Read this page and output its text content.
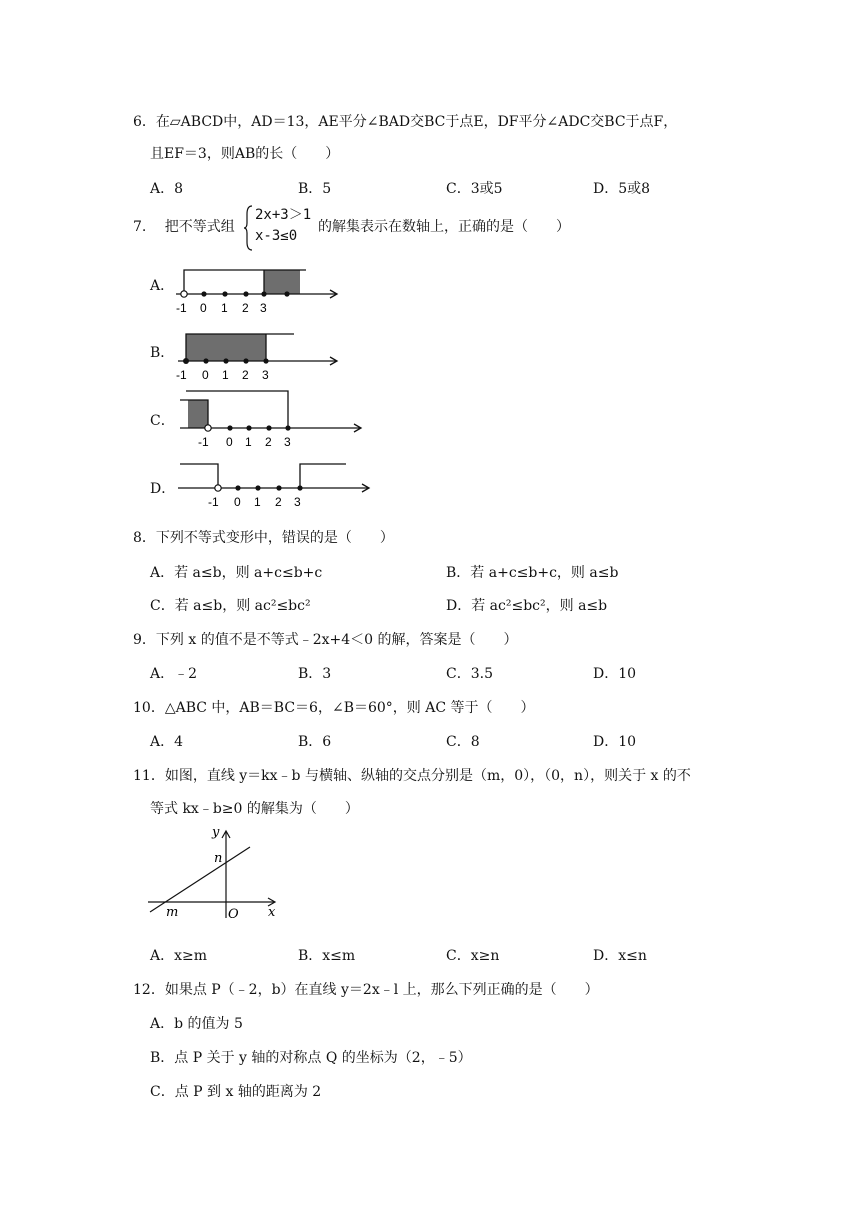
6．在▱ABCD中，AD＝13，AE平分∠BAD交BC于点E，DF平分∠ADC交BC于点F，
且EF＝3，则AB的长（　　）
A．8	B．5	C．3或5	D．5或8
7.　 把不等式组
2x+3＞1
x-3≤0
的解集表示在数轴上，正确的是（　　）
A．
B．
C．
D．
-1 0 1 2 3
-1 0 1 2 3
-1 0 1 2 3
-1 0 1 2 3
8．下列不等式变形中，错误的是（　　）
A．若 a≤b，则 a+c≤b+c	B．若 a+c≤b+c，则 a≤b
C．若 a≤b，则 ac²≤bc²	D．若 ac²≤bc²，则 a≤b
9．下列 x 的值不是不等式﹣2x+4＜0 的解，答案是（　　）
A．﹣2	B．3	C．3.5	D．10
10．△ABC 中，AB＝BC＝6，∠B＝60°，则 AC 等于（　　）
A．4	B．6	C．8	D．10
11．如图，直线 y＝kx﹣b 与横轴、纵轴的交点分别是（m，0），（0，n），则关于 x 的不
等式 kx﹣b≥0 的解集为（　　）
y
x
n
m	O
A．x≥m	B．x≤m	C．x≥n	D．x≤n
12．如果点 P（﹣2，b）在直线 y＝2x﹣l 上，那么下列正确的是（　　）
A．b 的值为 5
B．点 P 关于 y 轴的对称点 Q 的坐标为（2，﹣5）
C．点 P 到 x 轴的距离为 2
